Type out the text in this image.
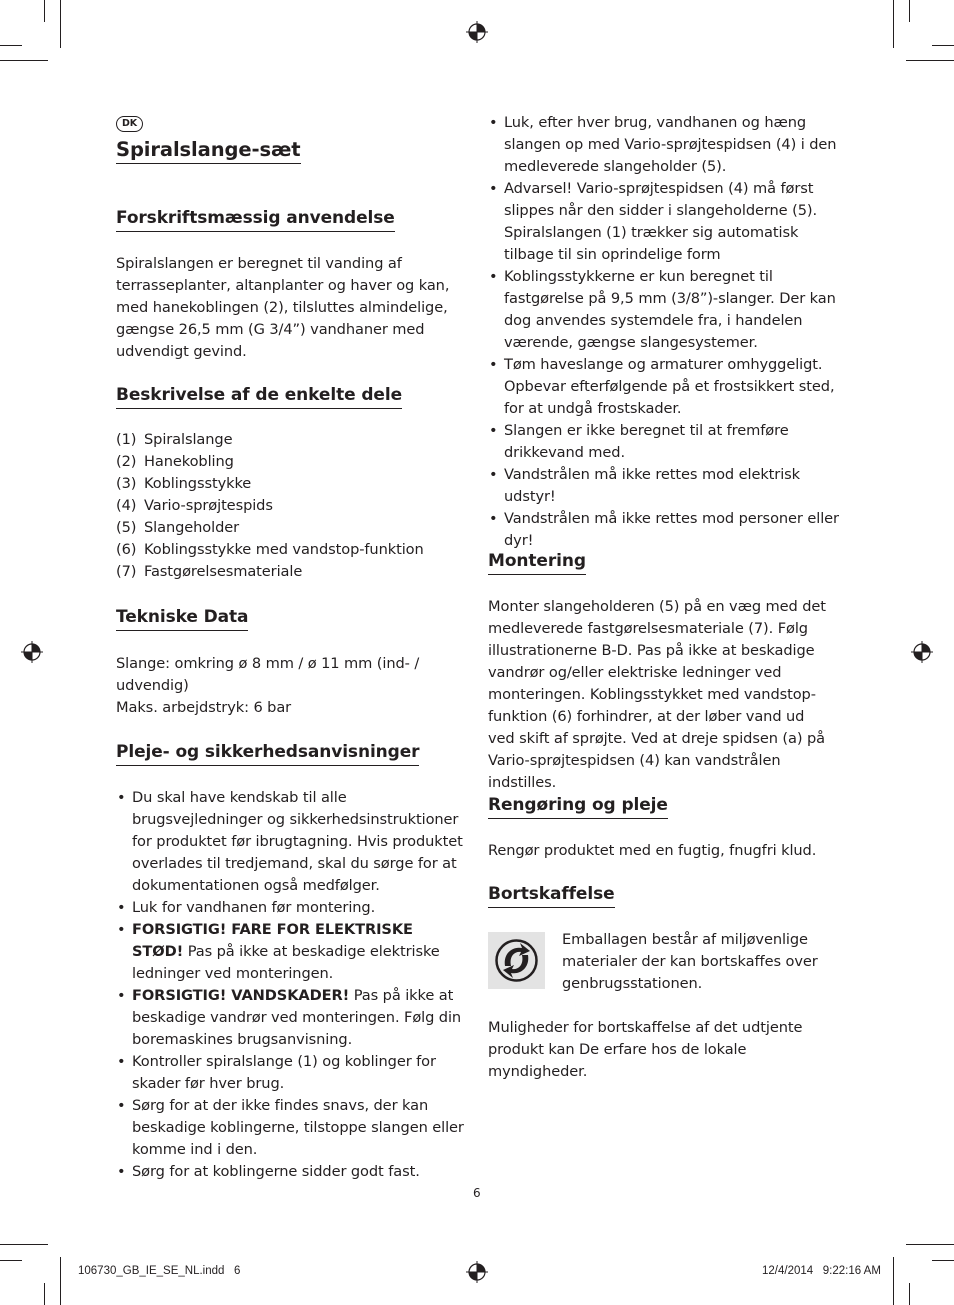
DK
Spiralslange-sæt
Forskriftsmæssig anvendelse

Spiralslangen er beregnet til vanding af terrasseplanter, altanplanter og haver og kan, med hanekoblingen (2), tilsluttes almindelige, gængse 26,5 mm (G 3/4”) vandhaner med udvendigt gevind.

Beskrivelse af de enkelte dele
(1) Spiralslange
(2) Hanekobling
(3) Koblingsstykke
(4) Vario-sprøjtespids
(5) Slangeholder
(6) Koblingsstykke med vandstop-funktion
(7) Fastgørelsesmateriale
Tekniske Data

Slange: omkring ø 8 mm / ø 11 mm (ind- / udvendig)

Maks. arbejdstryk: 6 bar

Pleje- og sikkerhedsanvisninger
• Du skal have kendskab til alle brugsvejledninger og sikkerhedsinstruktioner for produktet før ibrugtagning. Hvis produktet overlades til tredjemand, skal du sørge for at dokumentationen også medfølger.
• Luk for vandhanen før montering.
• FORSIGTIG! FARE FOR ELEKTRISKE STØD! Pas på ikke at beskadige elektriske ledninger ved monteringen.
• FORSIGTIG! VANDSKADER! Pas på ikke at beskadige vandrør ved monteringen. Følg din boremaskines brugsanvisning.
• Kontroller spiralslange (1) og koblinger for skader før hver brug.
• Sørg for at der ikke findes snavs, der kan beskadige koblingerne, tilstoppe slangen eller komme ind i den.
• Sørg for at koblingerne sidder godt fast.
• Luk, efter hver brug, vandhanen og hæng slangen op med Vario-sprøjtespidsen (4) i den medleverede slangeholder (5).
• Advarsel! Vario-sprøjtespidsen (4) må først slippes når den sidder i slangeholderne (5). Spiralslangen (1) trækker sig automatisk tilbage til sin oprindelige form
• Koblingsstykkerne er kun beregnet til fastgørelse på 9,5 mm (3/8”)-slanger. Der kan dog anvendes systemdele fra, i handelen værende, gængse slangesystemer.
• Tøm haveslange og armaturer omhyggeligt. Opbevar efterfølgende på et frostsikkert sted, for at undgå frostskader.
• Slangen er ikke beregnet til at fremføre drikkevand med.
• Vandstrålen må ikke rettes mod elektrisk udstyr!
• Vandstrålen må ikke rettes mod personer eller dyr!
Montering

Monter slangeholderen (5) på en væg med det medleverede fastgørelsesmateriale (7). Følg illustrationerne B-D. Pas på ikke at beskadige vandrør og/eller elektriske ledninger ved monteringen. Koblingsstykket med vandstop-funktion (6) forhindrer, at der løber vand ud ved skift af sprøjte. Ved at dreje spidsen (a) på Vario-sprøjtespidsen (4) kan vandstrålen indstilles.

Rengøring og pleje

Rengør produktet med en fugtig, fnugfri klud.

Bortskaffelse

Emballagen består af miljøvenlige materialer der kan bortskaffes over genbrugsstationen.

Muligheder for bortskaffelse af det udtjente produkt kan De erfare hos de lokale myndigheder.

6
106730_GB_IE_SE_NL.indd   6	12/4/2014   9:22:16 AM
